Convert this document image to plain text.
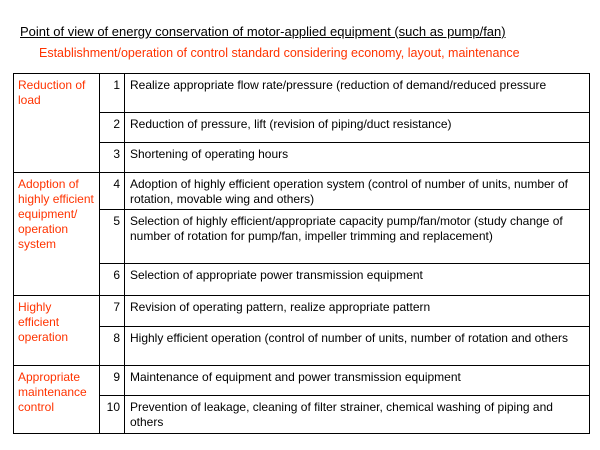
Point of view of energy conservation of motor-applied equipment (such as pump/fan)
Establishment/operation of control standard considering economy, layout, maintenance
Reduction of load	1	Realize appropriate flow rate/pressure (reduction of demand/reduced pressure
	2	Reduction of pressure, lift (revision of piping/duct resistance)
	3	Shortening of operating hours
Adoption of highly efficient equipment/ operation system	4	Adoption of highly efficient operation system (control of number of units, number of rotation, movable wing and others)
	5	Selection of highly efficient/appropriate capacity pump/fan/motor (study change of number of rotation for pump/fan, impeller trimming and replacement)
	6	Selection of appropriate power transmission equipment
Highly efficient operation	7	Revision of operating pattern, realize appropriate pattern
	8	Highly efficient operation (control of number of units, number of rotation and others
Appropriate maintenance control	9	Maintenance of equipment and power transmission equipment
	10	Prevention of leakage, cleaning of filter strainer, chemical washing of piping and others
